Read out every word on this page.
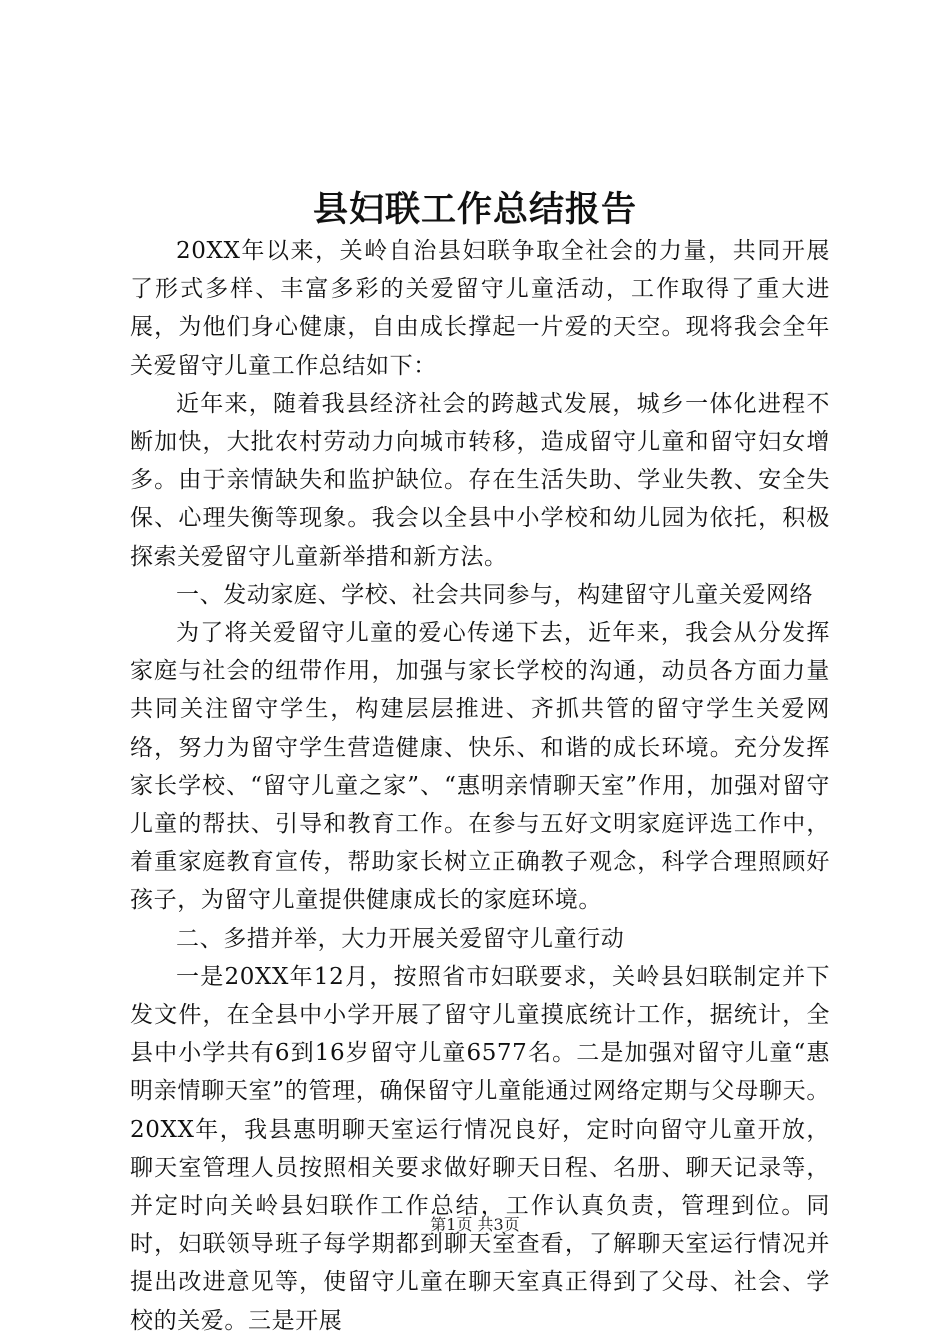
县妇联工作总结报告

20XX年以来，关岭自治县妇联争取全社会的力量，共同开展了形式多样、丰富多彩的关爱留守儿童活动，工作取得了重大进展，为他们身心健康，自由成长撑起一片爱的天空。现将我会全年关爱留守儿童工作总结如下：

近年来，随着我县经济社会的跨越式发展，城乡一体化进程不断加快，大批农村劳动力向城市转移，造成留守儿童和留守妇女增多。由于亲情缺失和监护缺位。存在生活失助、学业失教、安全失保、心理失衡等现象。我会以全县中小学校和幼儿园为依托，积极探索关爱留守儿童新举措和新方法。

一、发动家庭、学校、社会共同参与，构建留守儿童关爱网络

为了将关爱留守儿童的爱心传递下去，近年来，我会从分发挥家庭与社会的纽带作用，加强与家长学校的沟通，动员各方面力量共同关注留守学生，构建层层推进、齐抓共管的留守学生关爱网络，努力为留守学生营造健康、快乐、和谐的成长环境。充分发挥家长学校、“留守儿童之家”、“惠明亲情聊天室”作用，加强对留守儿童的帮扶、引导和教育工作。在参与五好文明家庭评选工作中，着重家庭教育宣传，帮助家长树立正确教子观念，科学合理照顾好孩子，为留守儿童提供健康成长的家庭环境。

二、多措并举，大力开展关爱留守儿童行动

一是20XX年12月，按照省市妇联要求，关岭县妇联制定并下发文件，在全县中小学开展了留守儿童摸底统计工作，据统计，全县中小学共有6到16岁留守儿童6577名。二是加强对留守儿童“惠明亲情聊天室”的管理，确保留守儿童能通过网络定期与父母聊天。20XX年，我县惠明聊天室运行情况良好，定时向留守儿童开放，聊天室管理人员按照相关要求做好聊天日程、名册、聊天记录等，并定时向关岭县妇联作工作总结，工作认真负责，管理到位。同时，妇联领导班子每学期都到聊天室查看，了解聊天室运行情况并提出改进意见等，使留守儿童在聊天室真正得到了父母、社会、学校的关爱。三是开展

第1页 共3页
